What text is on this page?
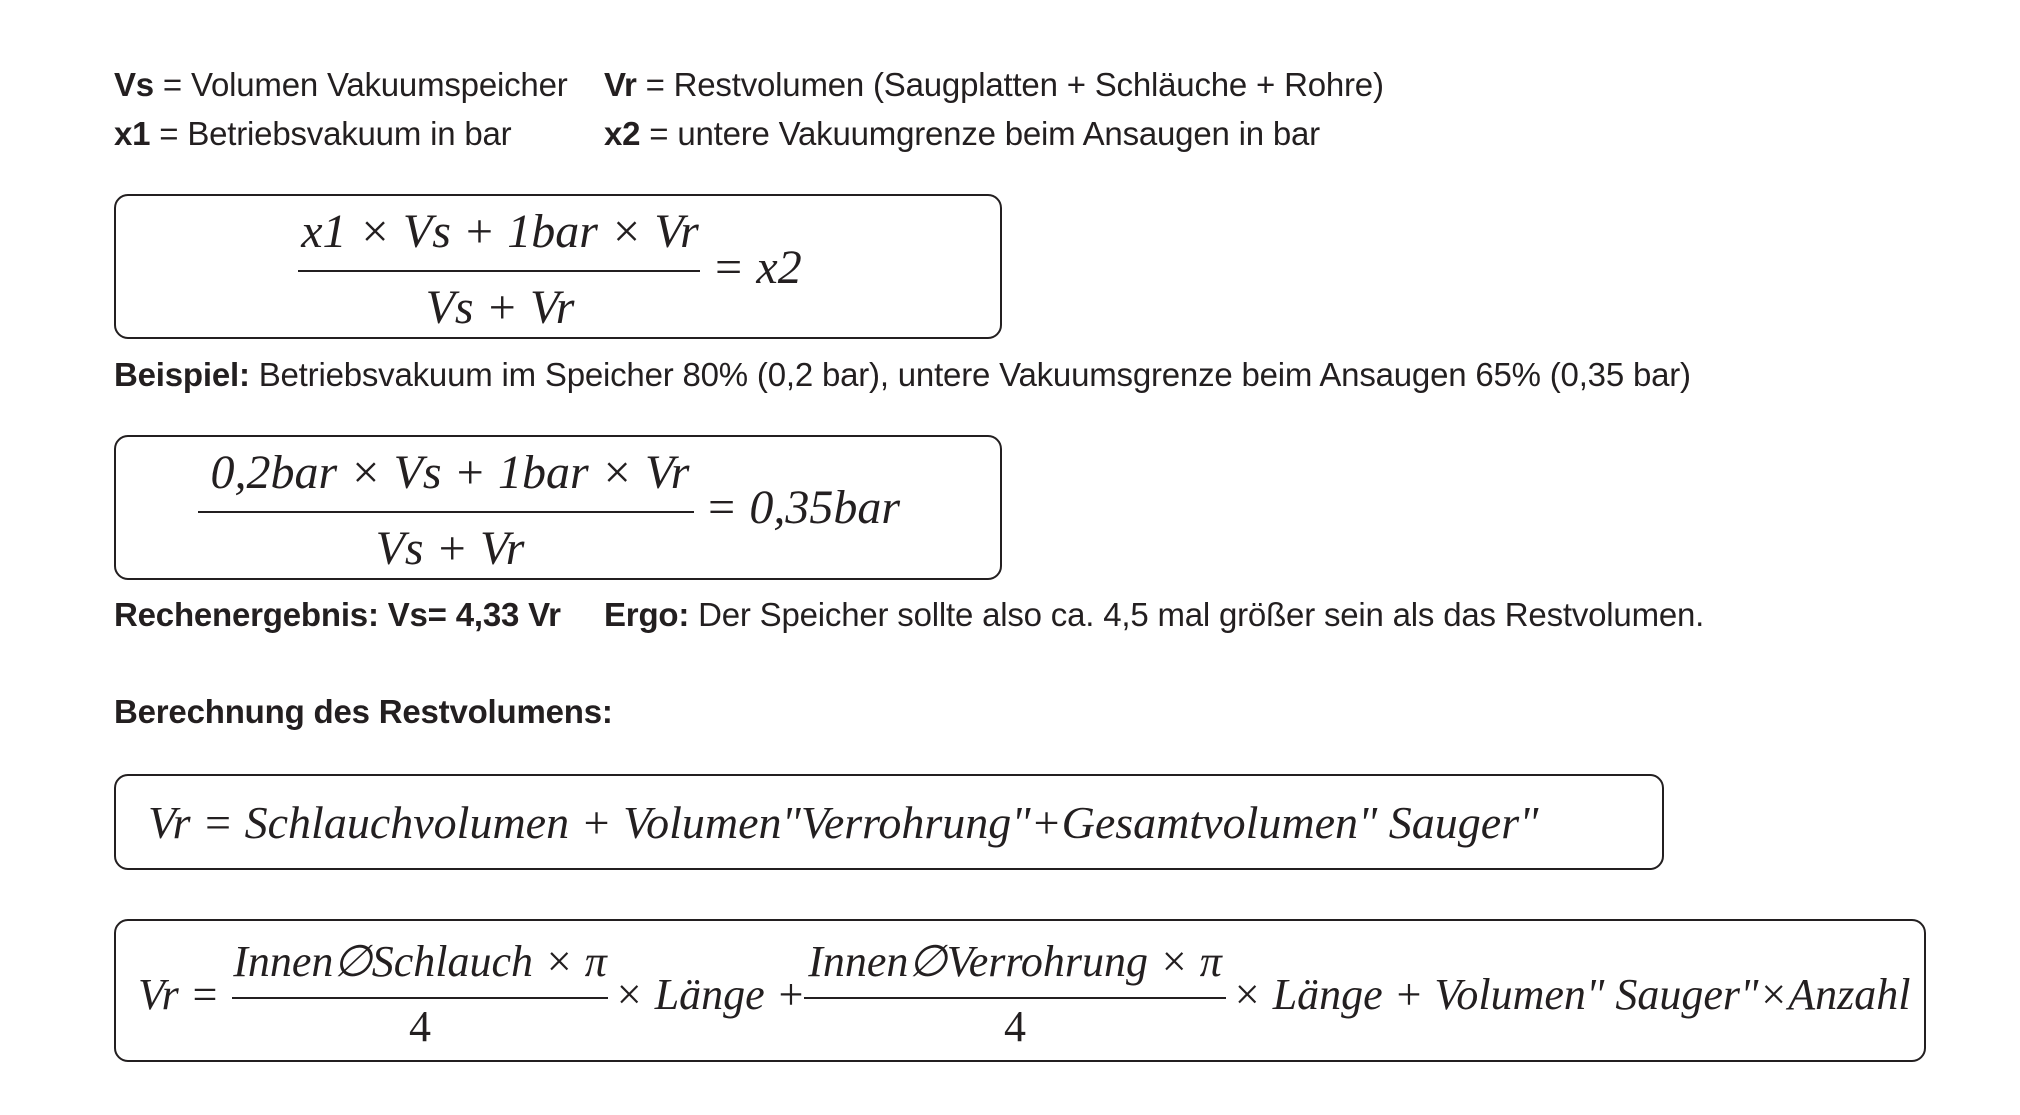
Vs = Volumen Vakuumspeicher Vr = Restvolumen (Saugplatten + Schläuche + Rohre)
x1 = Betriebsvakuum in bar	x2 = untere Vakuumgrenze beim Ansaugen in bar
x1 × Vs + 1bar × Vr
Vs + Vr
= x2
Beispiel: Betriebsvakuum im Speicher 80% (0,2 bar), untere Vakuumsgrenze beim Ansaugen 65% (0,35 bar)
0,2bar × Vs + 1bar × Vr
Vs + Vr
= 0,35bar
Rechenergebnis: Vs= 4,33 Vr Ergo: Der Speicher sollte also ca. 4,5 mal größer sein als das Restvolumen.
Berechnung des Restvolumens:
Vr = Schlauchvolumen + Volumen"Verrohrung"+Gesamtvolumen" Sauger"
Vr =
Innen∅Schlauch × π
4
× Länge +
Innen∅Verrohrung × π
4
× Länge + Volumen" Sauger"×Anzahl
